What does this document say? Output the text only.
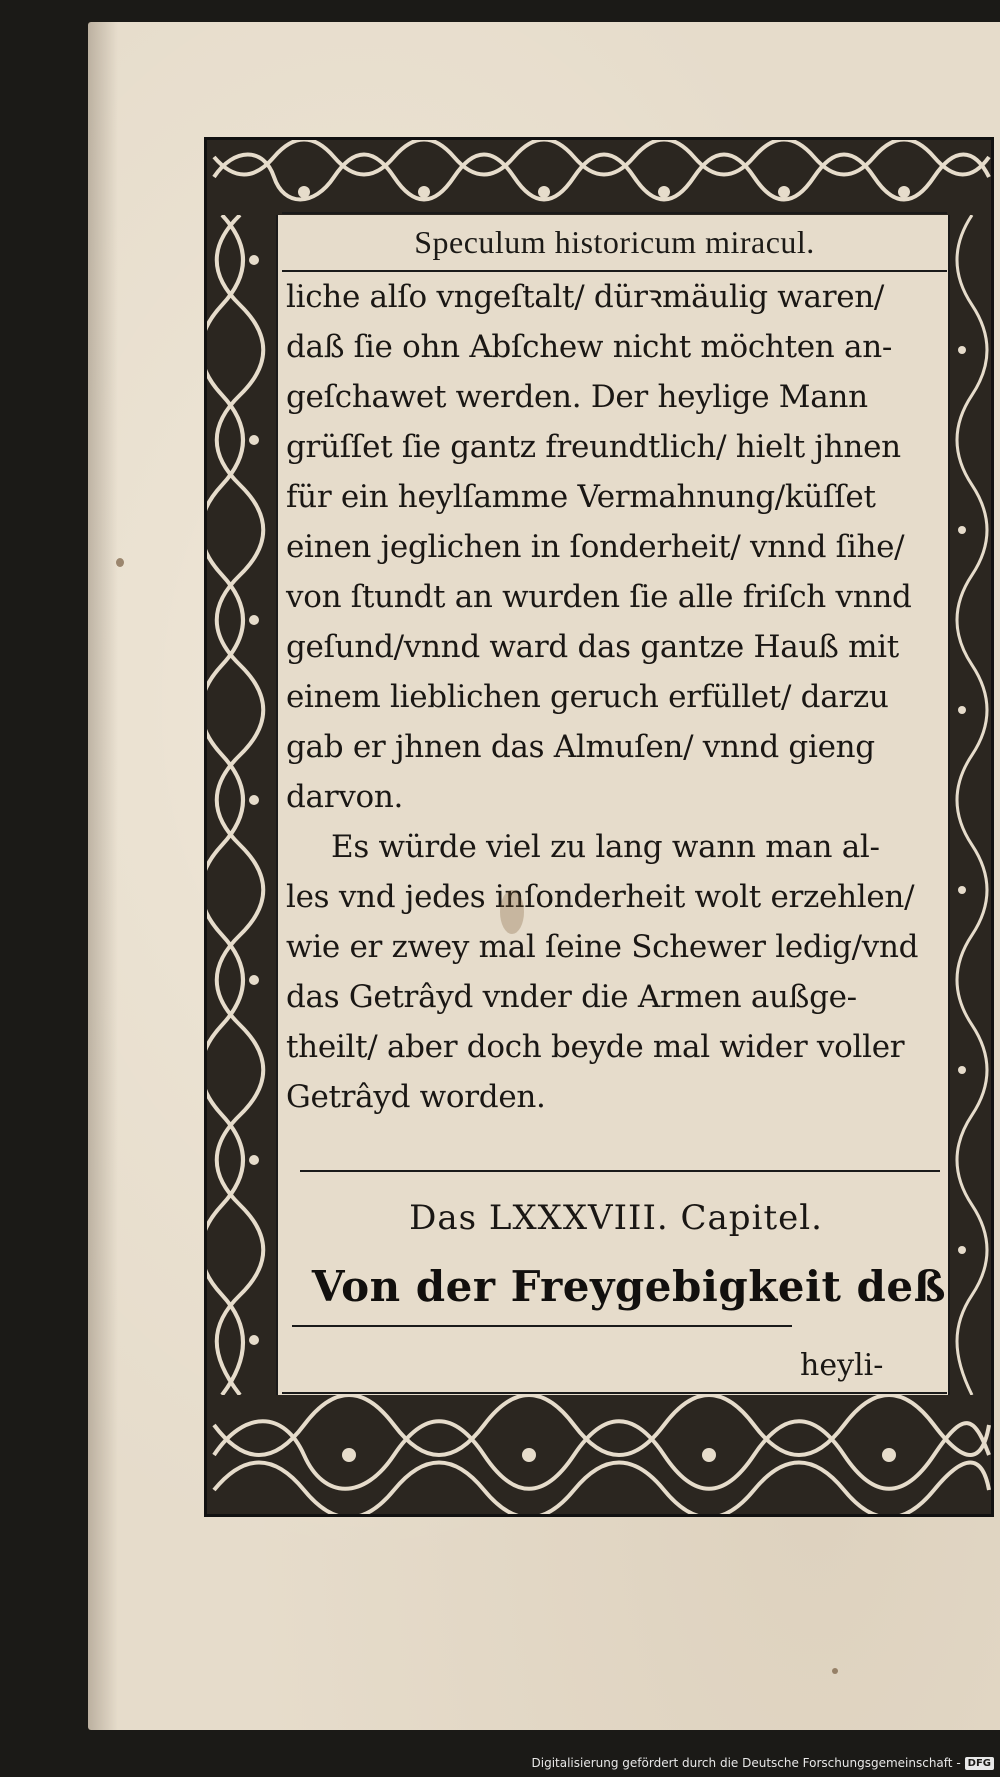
Speculum historicum miracul.
liche alſo vngeſtalt/ dürꝛmäulig waren/
daß ſie ohn Abſchew nicht möchten an-
geſchawet werden. Der heylige Mann
grüſſet ſie gantz freundtlich/ hielt jhnen
für ein heylſamme Vermahnung/küſſet
einen jeglichen in ſonderheit/ vnnd ſihe/
von ſtundt an wurden ſie alle friſch vnnd
geſund/vnnd ward das gantze Hauß mit
einem lieblichen geruch erfüllet/ darzu
gab er jhnen das Almuſen/ vnnd gieng
darvon.
Es würde viel zu lang wann man al-
les vnd jedes inſonderheit wolt erzehlen/
wie er zwey mal ſeine Schewer ledig/vnd
das Getrâyd vnder die Armen außge-
theilt/ aber doch beyde mal wider voller
Getrâyd worden.
Das LXXXVIII. Capitel.
Von der Freygebigkeit deß
heyli-
Digitalisierung gefördert durch die Deutsche Forschungsgemeinschaft - DFG
